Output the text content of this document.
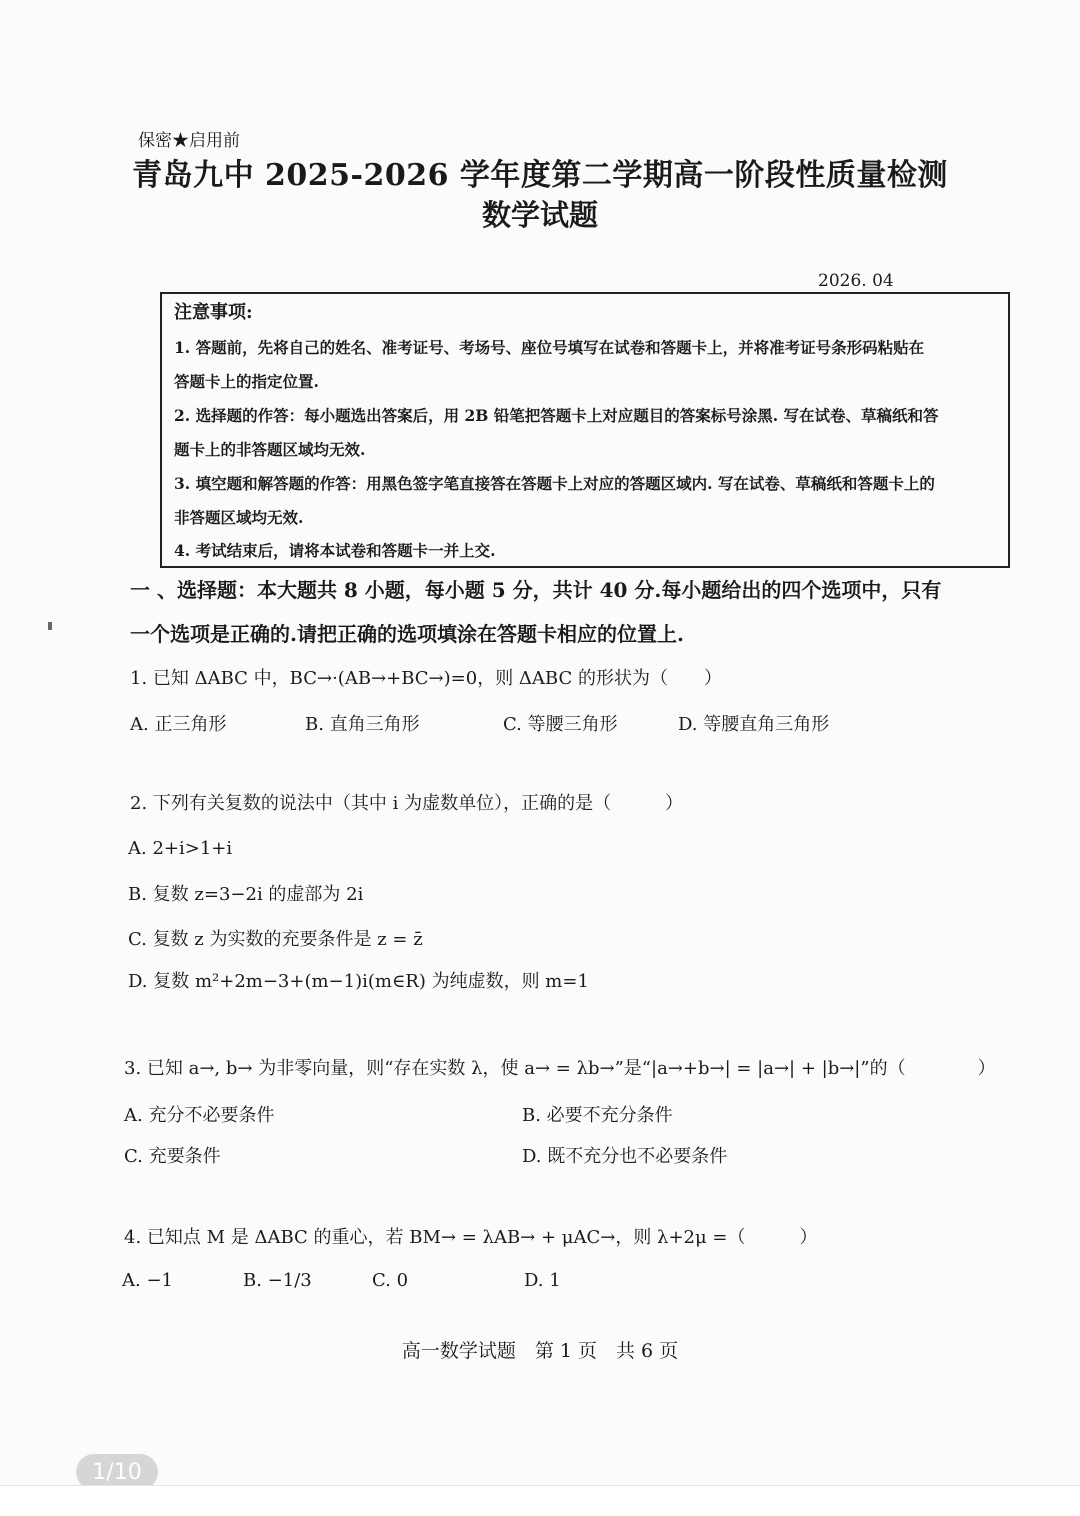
保密★启用前
青岛九中 2025-2026 学年度第二学期高一阶段性质量检测
数学试题
2026. 04
注意事项:
1. 答题前，先将自己的姓名、准考证号、考场号、座位号填写在试卷和答题卡上，并将准考证号条形码粘贴在
答题卡上的指定位置.
2. 选择题的作答：每小题选出答案后，用 2B 铅笔把答题卡上对应题目的答案标号涂黑. 写在试卷、草稿纸和答
题卡上的非答题区域均无效.
3. 填空题和解答题的作答：用黑色签字笔直接答在答题卡上对应的答题区域内. 写在试卷、草稿纸和答题卡上的
非答题区域均无效.
4. 考试结束后，请将本试卷和答题卡一并上交.
一 、选择题：本大题共 8 小题，每小题 5 分，共计 40 分.每小题给出的四个选项中，只有
一个选项是正确的.请把正确的选项填涂在答题卡相应的位置上.
1. 已知 ΔABC 中，BC→·(AB→+BC→)=0，则 ΔABC 的形状为（　　）
A. 正三角形	B. 直角三角形	C. 等腰三角形	D. 等腰直角三角形
2. 下列有关复数的说法中（其中 i 为虚数单位），正确的是（　　　）
A. 2+i>1+i
B. 复数 z=3−2i 的虚部为 2i
C. 复数 z 为实数的充要条件是 z = z̄
D. 复数 m²+2m−3+(m−1)i(m∈R) 为纯虚数，则 m=1
3. 已知 a→, b→ 为非零向量，则“存在实数 λ，使 a→ = λb→”是“|a→+b→| = |a→| + |b→|”的（　　　　）
A. 充分不必要条件	B. 必要不充分条件
C. 充要条件	D. 既不充分也不必要条件
4. 已知点 M 是 ΔABC 的重心，若 BM→ = λAB→ + μAC→，则 λ+2μ =（　　　）
A. −1	B. −1/3	C. 0	D. 1
高一数学试题　第 1 页　共 6 页
1/10
